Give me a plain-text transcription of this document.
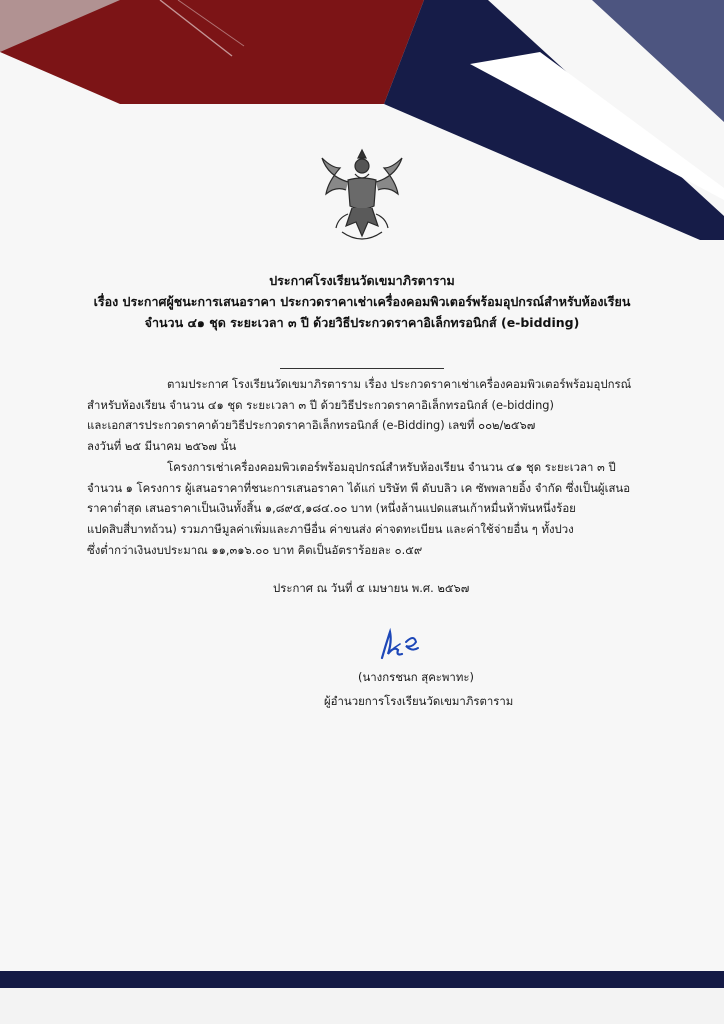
ประกาศโรงเรียนวัดเขมาภิรตาราม
เรื่อง ประกาศผู้ชนะการเสนอราคา ประกวดราคาเช่าเครื่องคอมพิวเตอร์พร้อมอุปกรณ์สำหรับห้องเรียน
จำนวน ๔๑ ชุด ระยะเวลา ๓ ปี ด้วยวิธีประกวดราคาอิเล็กทรอนิกส์ (e-bidding)

ตามประกาศ โรงเรียนวัดเขมาภิรตาราม เรื่อง ประกวดราคาเช่าเครื่องคอมพิวเตอร์พร้อมอุปกรณ์

สำหรับห้องเรียน จำนวน ๔๑ ชุด ระยะเวลา ๓ ปี ด้วยวิธีประกวดราคาอิเล็กทรอนิกส์ (e-bidding)

และเอกสารประกวดราคาด้วยวิธีประกวดราคาอิเล็กทรอนิกส์ (e-Bidding) เลขที่ ๐๐๒/๒๕๖๗

ลงวันที่ ๒๕ มีนาคม ๒๕๖๗ นั้น

โครงการเช่าเครื่องคอมพิวเตอร์พร้อมอุปกรณ์สำหรับห้องเรียน จำนวน ๔๑ ชุด ระยะเวลา ๓ ปี

จำนวน ๑ โครงการ ผู้เสนอราคาที่ชนะการเสนอราคา ได้แก่ บริษัท พี ดับบลิว เค ซัพพลายอิ้ง จำกัด ซึ่งเป็นผู้เสนอ

ราคาต่ำสุด เสนอราคาเป็นเงินทั้งสิ้น ๑,๘๙๕,๑๘๔.๐๐ บาท (หนึ่งล้านแปดแสนเก้าหมื่นห้าพันหนึ่งร้อย

แปดสิบสี่บาทถ้วน) รวมภาษีมูลค่าเพิ่มและภาษีอื่น ค่าขนส่ง ค่าจดทะเบียน และค่าใช้จ่ายอื่น ๆ ทั้งปวง

ซึ่งต่ำกว่าเงินงบประมาณ ๑๑,๓๑๖.๐๐ บาท คิดเป็นอัตราร้อยละ ๐.๕๙

ประกาศ ณ วันที่ ๕ เมษายน พ.ศ. ๒๕๖๗
(นางกรชนก สุคะพาทะ)
ผู้อำนวยการโรงเรียนวัดเขมาภิรตาราม
